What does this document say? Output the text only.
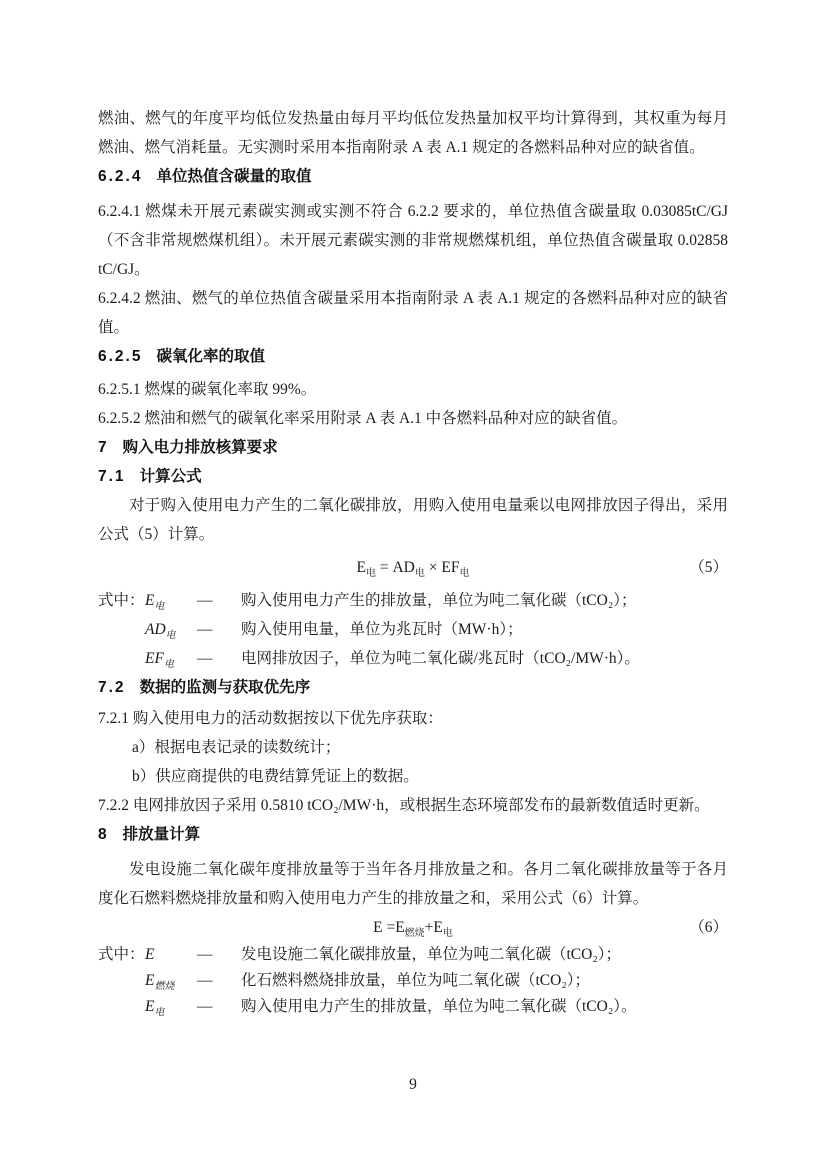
燃油、燃气的年度平均低位发热量由每月平均低位发热量加权平均计算得到，其权重为每月燃油、燃气消耗量。无实测时采用本指南附录 A 表 A.1 规定的各燃料品种对应的缺省值。

6.2.4 单位热值含碳量的取值

6.2.4.1 燃煤未开展元素碳实测或实测不符合 6.2.2 要求的，单位热值含碳量取 0.03085tC/GJ（不含非常规燃煤机组）。未开展元素碳实测的非常规燃煤机组，单位热值含碳量取 0.02858 tC/GJ。

6.2.4.2 燃油、燃气的单位热值含碳量采用本指南附录 A 表 A.1 规定的各燃料品种对应的缺省值。

6.2.5 碳氧化率的取值

6.2.5.1 燃煤的碳氧化率取 99%。

6.2.5.2 燃油和燃气的碳氧化率采用附录 A 表 A.1 中各燃料品种对应的缺省值。

7 购入电力排放核算要求
7.1 计算公式

对于购入使用电力产生的二氧化碳排放，用购入使用电量乘以电网排放因子得出，采用公式（5）计算。

$E_电 = AD_电 \times EF_电$	（5）
式中： $E_电$	—	购入使用电力产生的排放量，单位为吨二氧化碳（tCO₂）；
$AD_电$	—	购入使用电量，单位为兆瓦时（MW·h）；
$EF_电$	—	电网排放因子，单位为吨二氧化碳/兆瓦时（tCO₂/MW·h）。
7.2 数据的监测与获取优先序

7.2.1 购入使用电力的活动数据按以下优先序获取：

a）根据电表记录的读数统计；

b）供应商提供的电费结算凭证上的数据。

7.2.2 电网排放因子采用 0.5810 tCO₂/MW·h，或根据生态环境部发布的最新数值适时更新。

8 排放量计算

发电设施二氧化碳年度排放量等于当年各月排放量之和。各月二氧化碳排放量等于各月度化石燃料燃烧排放量和购入使用电力产生的排放量之和，采用公式（6）计算。

$E =E_{燃烧}+E_电$	（6）
式中： E	—	发电设施二氧化碳排放量，单位为吨二氧化碳（tCO₂）；
$E_{燃烧}$	—	化石燃料燃烧排放量，单位为吨二氧化碳（tCO₂）；
$E_电$	—	购入使用电力产生的排放量，单位为吨二氧化碳（tCO₂）。
9
